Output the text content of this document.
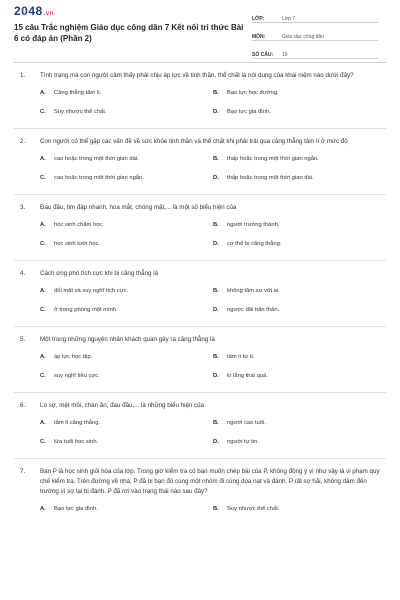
2048.vn
15 câu Trắc nghiệm Giáo dục công dân 7 Kết nối tri thức Bài 6 có đáp án (Phần 2)
LỚP:	Lớp 7
MÔN:	Giáo dục công dân
SỐ CÂU:	15
1.	Tình trạng mà con người cảm thấy phải chịu áp lực về tinh thần, thể chất là nội dung của khái niệm nào dưới đây?
A.	Căng thẳng tâm lí.	B.	Bạo lực học đường.
C.	Suy nhược thể chất.	D.	Bạo lực gia đình.
2.	Con người có thể gặp các vấn đề về sức khỏe tinh thần và thể chất khi phải trải qua căng thẳng tâm lí ở mức độ
A.	cao hoặc trong một thời gian dài.	B.	thấp hoặc trong một thời gian ngắn.
C.	cao hoặc trong một thời gian ngắn.	D.	thấp hoặc trong một thời gian dài.
3.	Đau đầu, tim đập nhanh, hoa mắt, chóng mặt,... là một số biểu hiện của
A.	học sinh chăm học.	B.	người trưởng thành.
C.	học sinh lười học.	D.	cơ thể bị căng thẳng.
4.	Cách ứng phó tích cực khi bị căng thẳng là
A.	đối mặt và suy nghĩ tích cực.	B.	không tâm sự với ai.
C.	ở trong phòng một mình.	D.	ngược đãi bản thân.
5.	Một trong những nguyên nhân khách quan gây ra căng thẳng là
A.	áp lực học tập.	B.	tâm lí tự ti.
C.	suy nghĩ tiêu cực.	D.	lo lắng thái quá.
6.	Lo sợ, mệt mỏi, chán ăn, đau đầu,... là những biểu hiện của
A.	tâm lí căng thẳng.	B.	người cao tuổi.
C.	lứa tuổi học sinh.	D.	người tự tin.
7.	Bạn P là học sinh giỏi hóa của lớp. Trong giờ kiểm tra có bạn muốn chép bài của P, không đồng ý vì như vậy là vi phạm quy chế kiểm tra. Trên đường về nhà, P đã bị bạn đó cùng một nhóm đi cùng dọa nạt và đánh. P rất sợ hãi, không dám đến trường vì sợ lại bị đánh. P đã rơi vào trạng thái nào sau đây?
A.	Bạo lực gia đình.	B.	Suy nhược thể chất.
